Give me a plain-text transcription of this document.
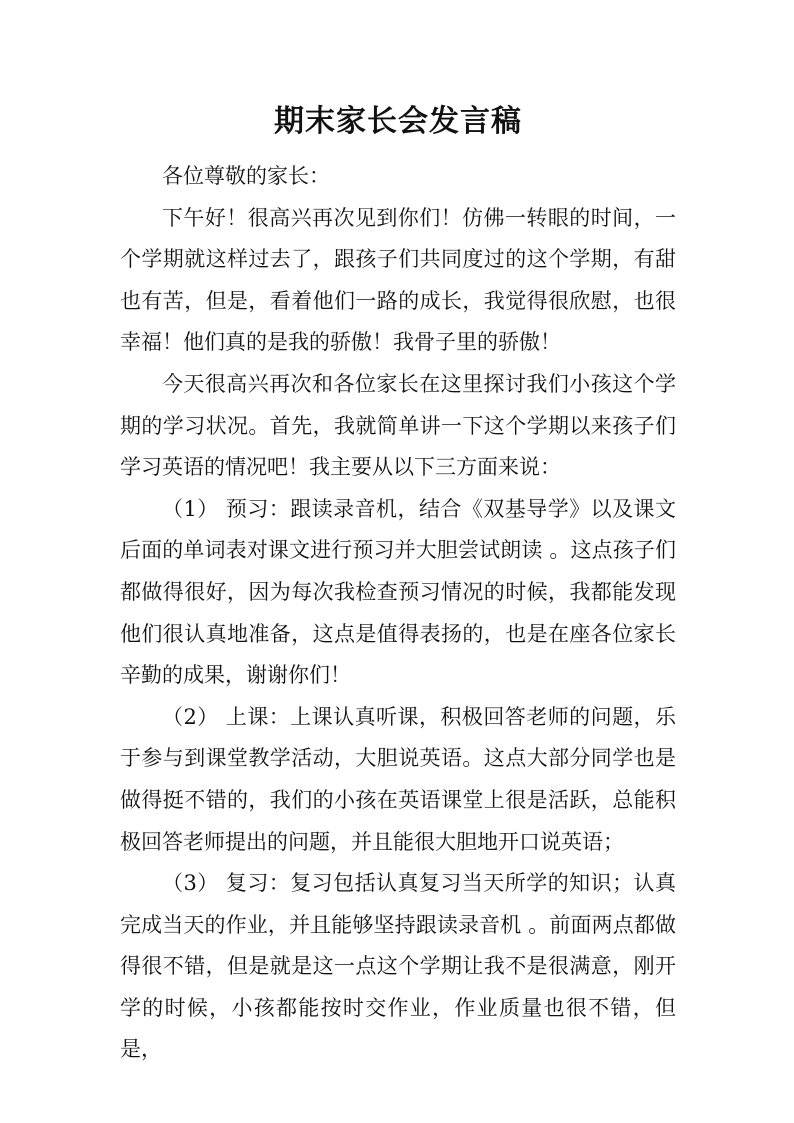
期末家长会发言稿

各位尊敬的家长：

下午好！很高兴再次见到你们！仿佛一转眼的时间，一个学期就这样过去了，跟孩子们共同度过的这个学期，有甜也有苦，但是，看着他们一路的成长，我觉得很欣慰，也很幸福！他们真的是我的骄傲！我骨子里的骄傲！

今天很高兴再次和各位家长在这里探讨我们小孩这个学期的学习状况。首先，我就简单讲一下这个学期以来孩子们学习英语的情况吧！我主要从以下三方面来说：

（1） 预习：跟读录音机，结合《双基导学》以及课文后面的单词表对课文进行预习并大胆尝试朗读 。这点孩子们都做得很好，因为每次我检查预习情况的时候，我都能发现他们很认真地准备，这点是值得表扬的，也是在座各位家长辛勤的成果，谢谢你们！

（2） 上课：上课认真听课，积极回答老师的问题，乐于参与到课堂教学活动，大胆说英语。这点大部分同学也是做得挺不错的，我们的小孩在英语课堂上很是活跃，总能积极回答老师提出的问题，并且能很大胆地开口说英语；

（3） 复习：复习包括认真复习当天所学的知识；认真完成当天的作业，并且能够坚持跟读录音机 。前面两点都做得很不错，但是就是这一点这个学期让我不是很满意，刚开学的时候，小孩都能按时交作业，作业质量也很不错，但是，
